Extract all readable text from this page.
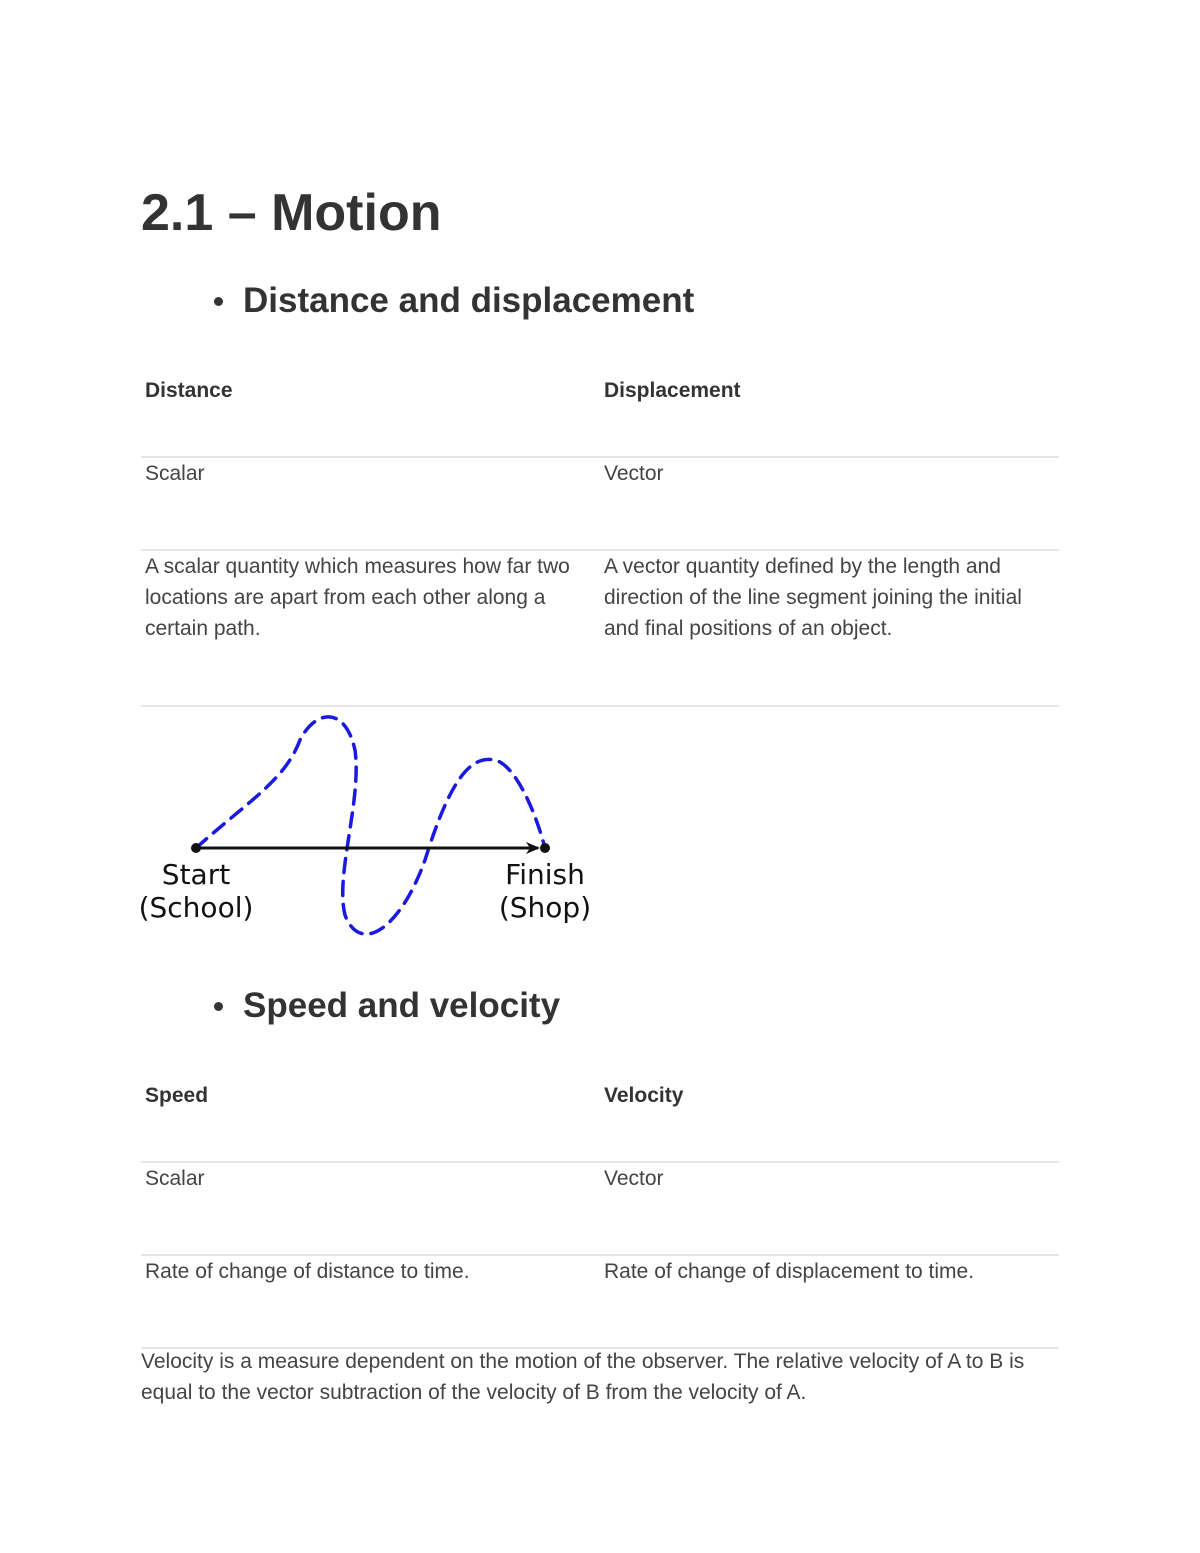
2.1 – Motion
Distance and displacement
Distance	Displacement
Scalar	Vector
A scalar quantity which measures how far two locations are apart from each other along a certain path.	A vector quantity defined by the length and direction of the line segment joining the initial and final positions of an object.
Start
(School)
Finish
(Shop)
Speed and velocity
Speed	Velocity
Scalar	Vector
Rate of change of distance to time.	Rate of change of displacement to time.

Velocity is a measure dependent on the motion of the observer. The relative velocity of A to B is equal to the vector subtraction of the velocity of B from the velocity of A.
